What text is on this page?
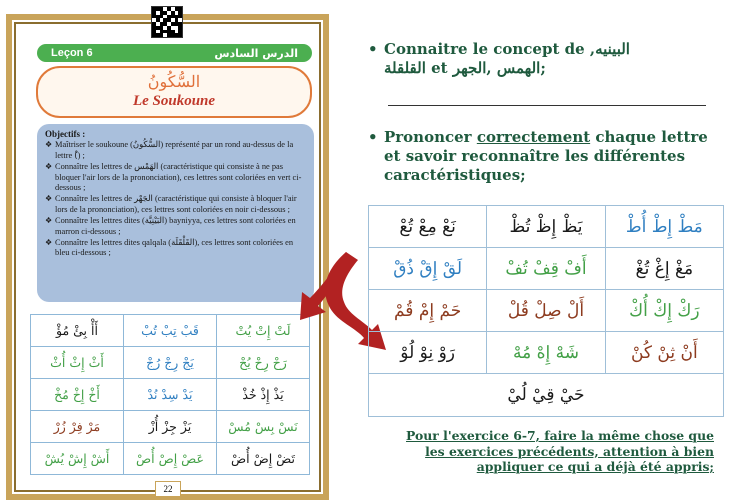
Leçon 6	الدرس السادس
السُّكُونُ
Le Soukoune
Objectifs :
❖ Maîtriser le soukoune (السُّكُونُ) représenté par un rond au-dessus de la lettre (ْ) ;
❖ Connaître les lettres de الهَمْس (caractéristique qui consiste à ne pas bloquer l'air lors de la prononciation), ces lettres sont coloriées en vert ci-dessous ;
❖ Connaître les lettres de الجَهْر (caractéristique qui consiste à bloquer l'air lors de la prononciation), ces lettres sont coloriées en noir ci-dessous ;
❖ Connaître les lettres dites (البَيْنِيَّة) bayniyya, ces lettres sont coloriées en marron ci-dessous ;
❖ Connaître les lettres dites qalqala (القَلْقَلَة), ces lettres sont coloriées en bleu ci-dessous ;
أَأْ بِئْ مُؤْ	قَبْ تِبْ تُبْ	لَتْ إِتْ يُتْ
أَثْ إِثْ أُثْ	يَجْ رِجْ رُجْ	رَحْ رِحْ يُحْ
أَخْ إِخْ مُخْ	يَدْ سِدْ نُدْ	يَذْ إِذْ خُذْ
مَرْ فِرْ زُرْ	يَزْ جِزْ أُزْ	نَسْ بِسْ مُسْ
أَشْ إِشْ يُشْ	عَصْ إِصْ أُصْ	تَضْ إِضْ أُضْ
22
• Connaitre le concept de ,البينيه
القلقلة et الهمس ,الجهر;
• Prononcer correctement chaque lettre et savoir reconnaître les différentes caractéristiques;
نَعْ مِعْ تُعْ	يَظْ إِظْ تُظْ	مَطْ إِطْ أُطْ
لَقْ إِقْ ذُقْ	أَفْ قِفْ تُفْ	مَغْ إِغْ تُغْ
حَمْ إِمْ قُمْ	أَلْ صِلْ قُلْ	رَكْ إِكْ أُكْ
رَوْ نِوْ لُوْ	شَهْ إِهْ مُهْ	أَنْ ثِنْ كُنْ
حَيْ قِيْ لُيْ		
Pour l'exercice 6-7, faire la même chose que les exercices précédents, attention à bien appliquer ce qui a déjà été appris;
